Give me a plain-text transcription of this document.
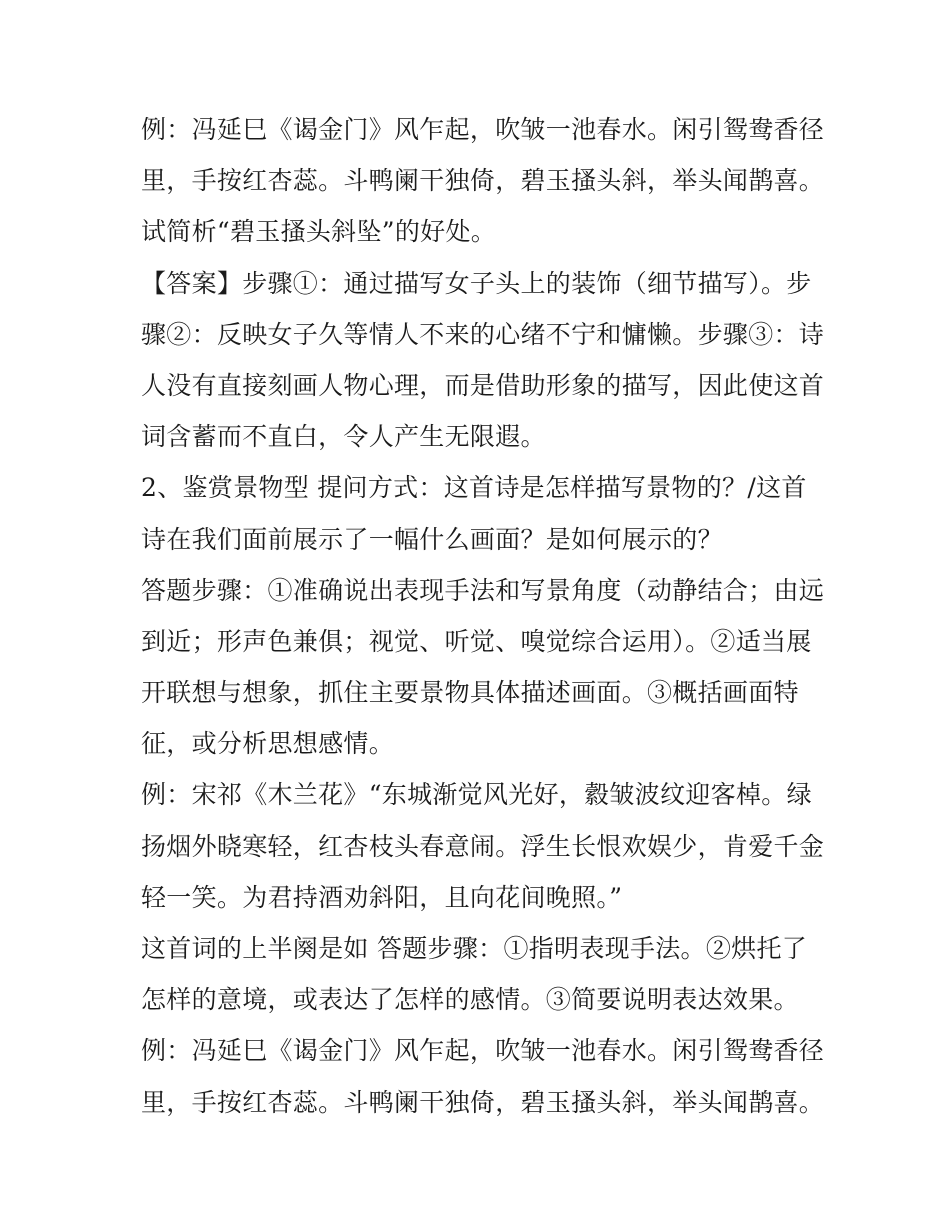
例：冯延巳《谒金门》风乍起，吹皱一池春水。闲引鸳鸯香径

里，手按红杏蕊。斗鸭阑干独倚，碧玉搔头斜，举头闻鹊喜。

试简析“碧玉搔头斜坠”的好处。

【答案】步骤①：通过描写女子头上的装饰（细节描写）。步

骤②：反映女子久等情人不来的心绪不宁和慵懒。步骤③：诗

人没有直接刻画人物心理，而是借助形象的描写，因此使这首

词含蓄而不直白，令人产生无限遐。

2、鉴赏景物型 提问方式：这首诗是怎样描写景物的？/这首

诗在我们面前展示了一幅什么画面？是如何展示的？

答题步骤：①准确说出表现手法和写景角度（动静结合；由远

到近；形声色兼俱；视觉、听觉、嗅觉综合运用）。②适当展

开联想与想象，抓住主要景物具体描述画面。③概括画面特

征，或分析思想感情。

例：宋祁《木兰花》“东城渐觉风光好，縠皱波纹迎客棹。绿

扬烟外晓寒轻，红杏枝头春意闹。浮生长恨欢娱少，肯爱千金

轻一笑。为君持酒劝斜阳，且向花间晚照。”

这首词的上半阕是如 答题步骤：①指明表现手法。②烘托了

怎样的意境，或表达了怎样的感情。③简要说明表达效果。

例：冯延巳《谒金门》风乍起，吹皱一池春水。闲引鸳鸯香径

里，手按红杏蕊。斗鸭阑干独倚，碧玉搔头斜，举头闻鹊喜。
